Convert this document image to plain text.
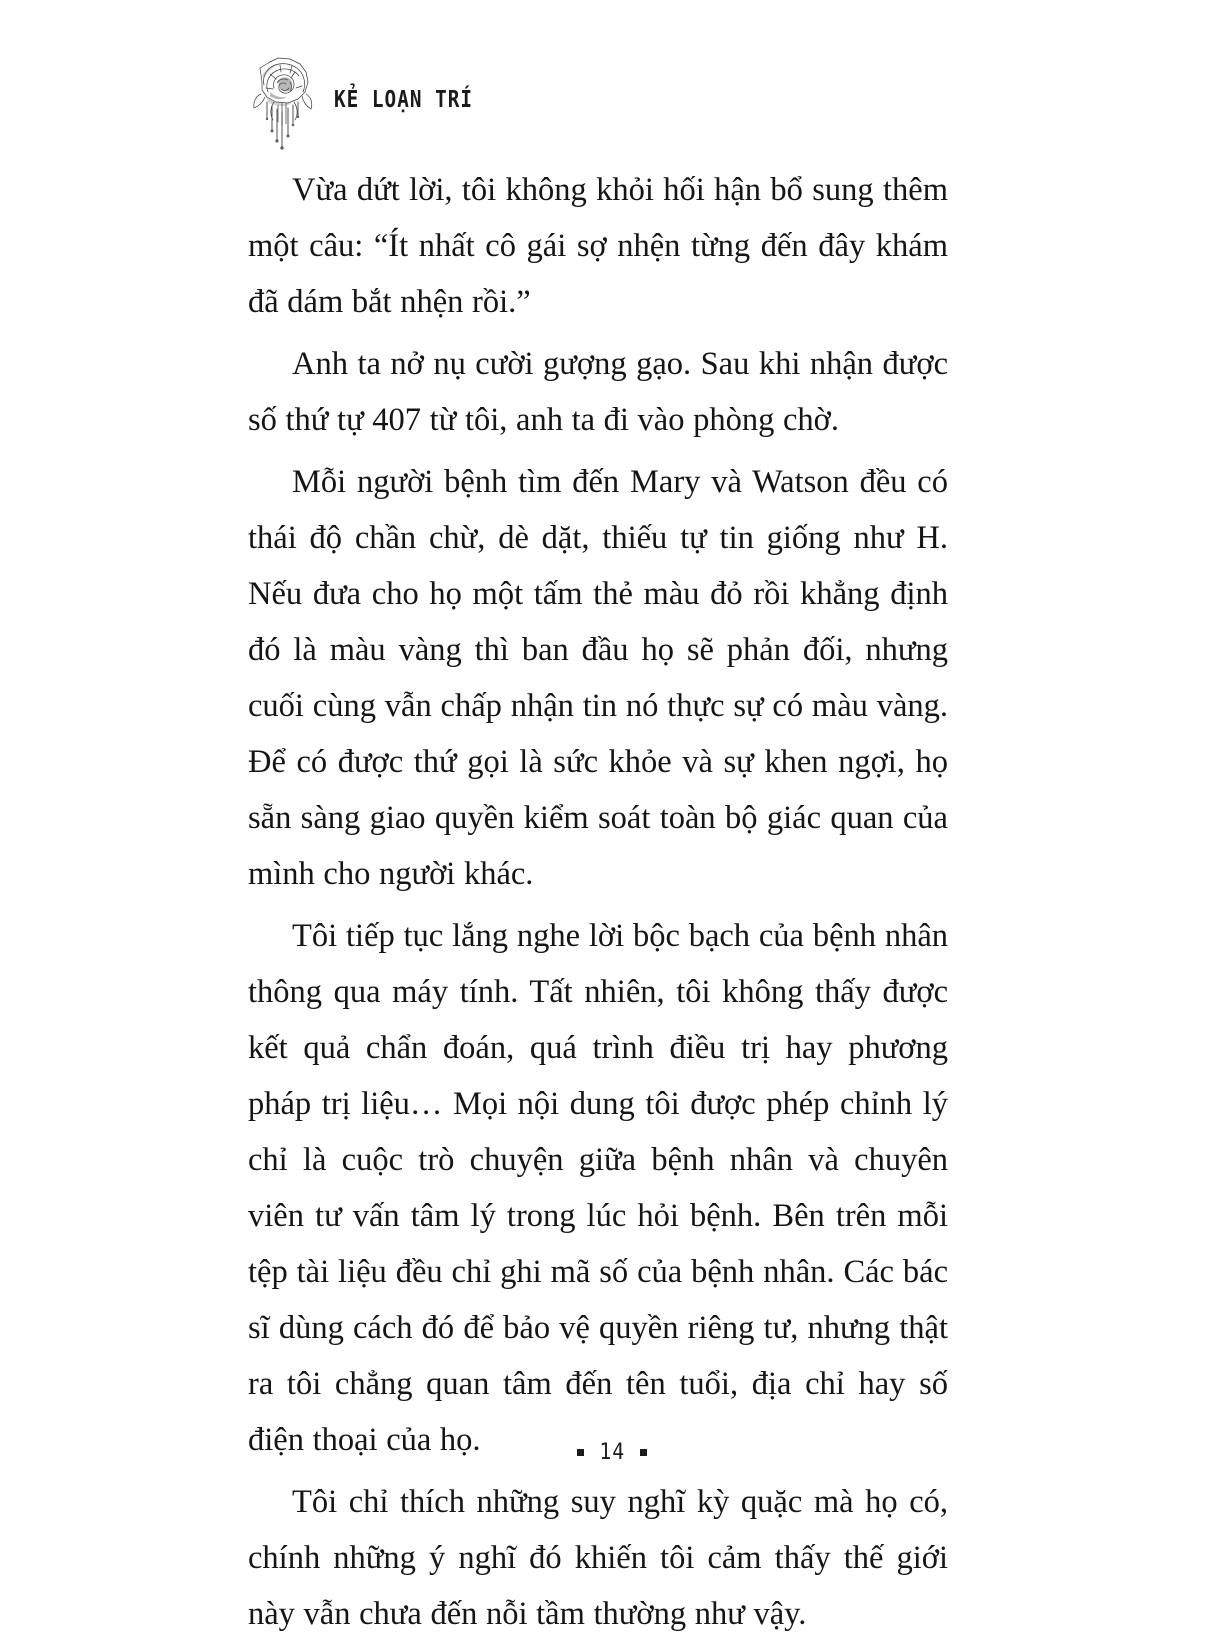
KẺ LOẠN TRÍ

Vừa dứt lời, tôi không khỏi hối hận bổ sung thêm một câu: “Ít nhất cô gái sợ nhện từng đến đây khám đã dám bắt nhện rồi.”

Anh ta nở nụ cười gượng gạo. Sau khi nhận được số thứ tự 407 từ tôi, anh ta đi vào phòng chờ.

Mỗi người bệnh tìm đến Mary và Watson đều có thái độ chần chừ, dè dặt, thiếu tự tin giống như H. Nếu đưa cho họ một tấm thẻ màu đỏ rồi khẳng định đó là màu vàng thì ban đầu họ sẽ phản đối, nhưng cuối cùng vẫn chấp nhận tin nó thực sự có màu vàng. Để có được thứ gọi là sức khỏe và sự khen ngợi, họ sẵn sàng giao quyền kiểm soát toàn bộ giác quan của mình cho người khác.

Tôi tiếp tục lắng nghe lời bộc bạch của bệnh nhân thông qua máy tính. Tất nhiên, tôi không thấy được kết quả chẩn đoán, quá trình điều trị hay phương pháp trị liệu… Mọi nội dung tôi được phép chỉnh lý chỉ là cuộc trò chuyện giữa bệnh nhân và chuyên viên tư vấn tâm lý trong lúc hỏi bệnh. Bên trên mỗi tệp tài liệu đều chỉ ghi mã số của bệnh nhân. Các bác sĩ dùng cách đó để bảo vệ quyền riêng tư, nhưng thật ra tôi chẳng quan tâm đến tên tuổi, địa chỉ hay số điện thoại của họ.

Tôi chỉ thích những suy nghĩ kỳ quặc mà họ có, chính những ý nghĩ đó khiến tôi cảm thấy thế giới này vẫn chưa đến nỗi tầm thường như vậy.

14
